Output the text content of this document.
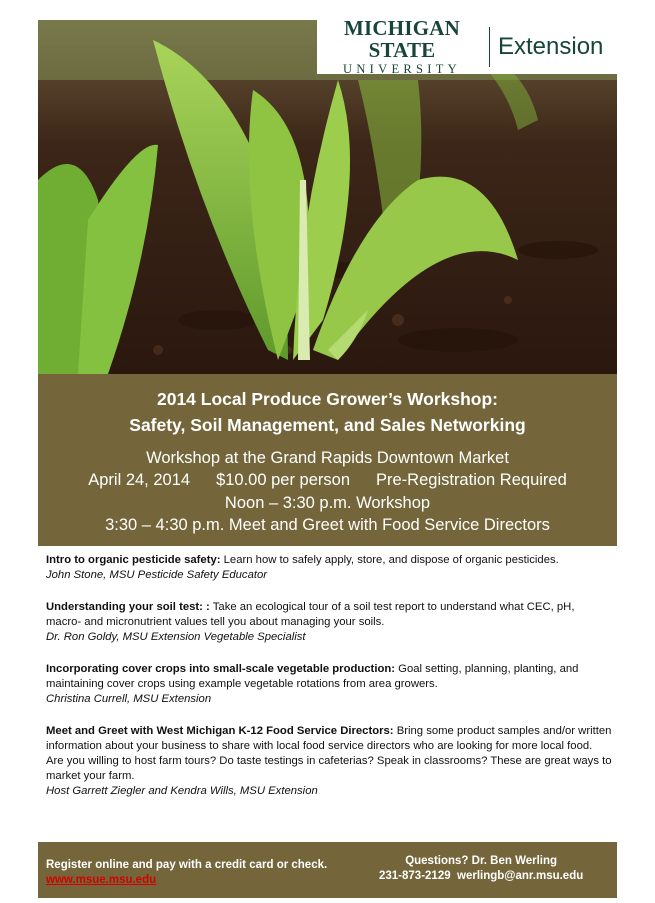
MICHIGAN STATE
UNIVERSITY
Extension
2014 Local Produce Grower’s Workshop:
Safety, Soil Management, and Sales Networking
Workshop at the Grand Rapids Downtown Market
April 24, 2014 $10.00 per person Pre-Registration Required
Noon – 3:30 p.m. Workshop
3:30 – 4:30 p.m. Meet and Greet with Food Service Directors
Intro to organic pesticide safety: Learn how to safely apply, store, and dispose of organic pesticides.
John Stone, MSU Pesticide Safety Educator
Understanding your soil test: : Take an ecological tour of a soil test report to understand what CEC, pH, macro- and micronutrient values tell you about managing your soils.
Dr. Ron Goldy, MSU Extension Vegetable Specialist
Incorporating cover crops into small-scale vegetable production: Goal setting, planning, planting, and maintaining cover crops using example vegetable rotations from area growers.
Christina Currell, MSU Extension
Meet and Greet with West Michigan K-12 Food Service Directors: Bring some product samples and/or written information about your business to share with local food service directors who are looking for more local food. Are you willing to host farm tours? Do taste testings in cafeterias? Speak in classrooms? These are great ways to market your farm.
Host Garrett Ziegler and Kendra Wills, MSU Extension
Register online and pay with a credit card or check.
www.msue.msu.edu
Questions? Dr. Ben Werling
231-873-2129 werlingb@anr.msu.edu
